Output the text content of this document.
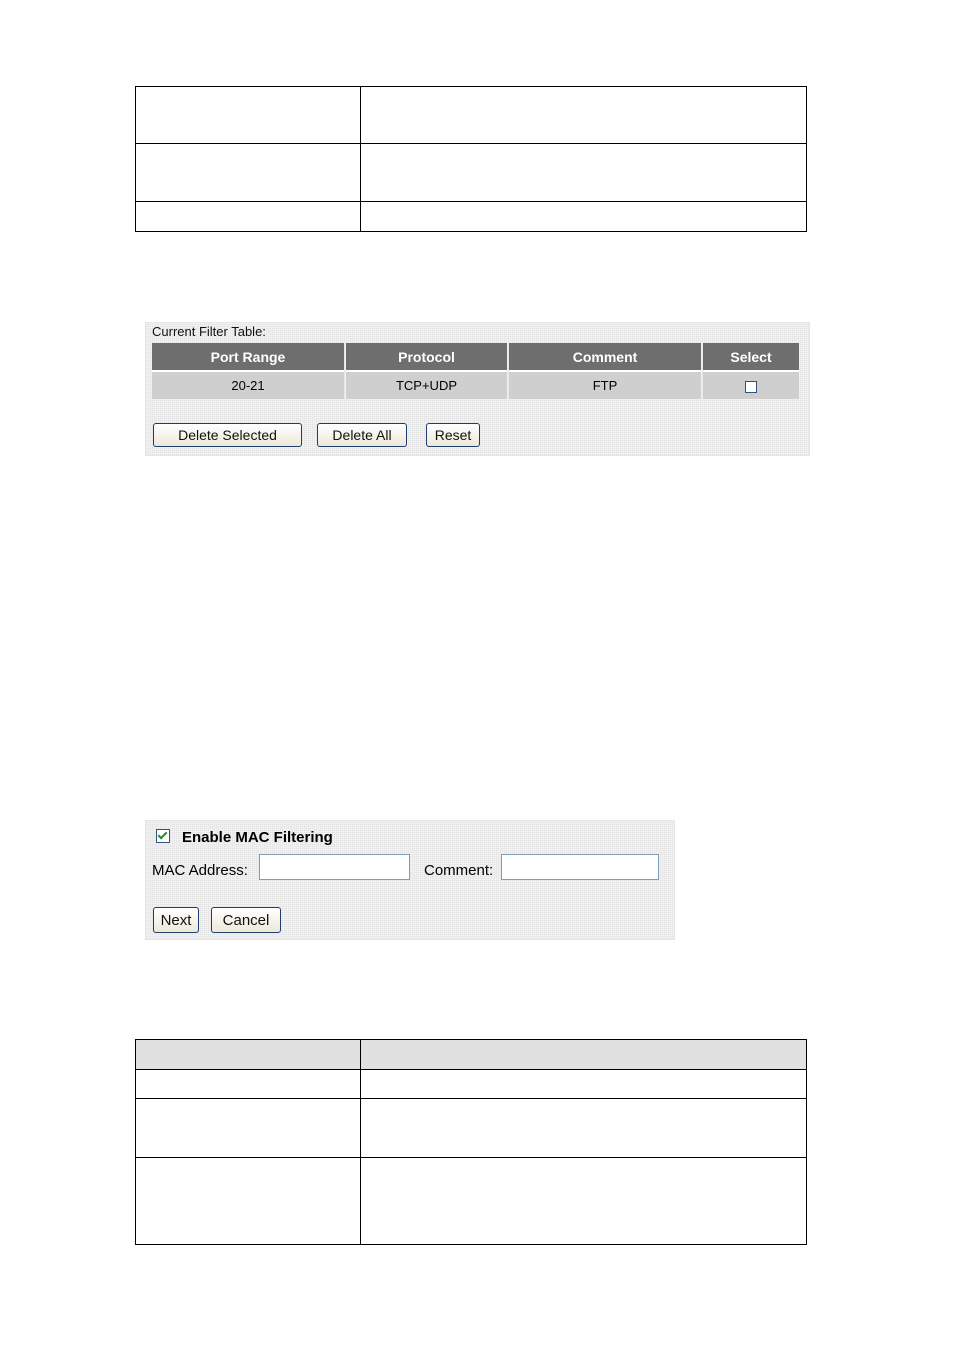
Current Filter Table:
Port Range	Protocol	Comment	Select
20-21	TCP+UDP	FTP	
Delete Selected	Delete All	Reset
Enable MAC Filtering
MAC Address:	Comment:
Next	Cancel
